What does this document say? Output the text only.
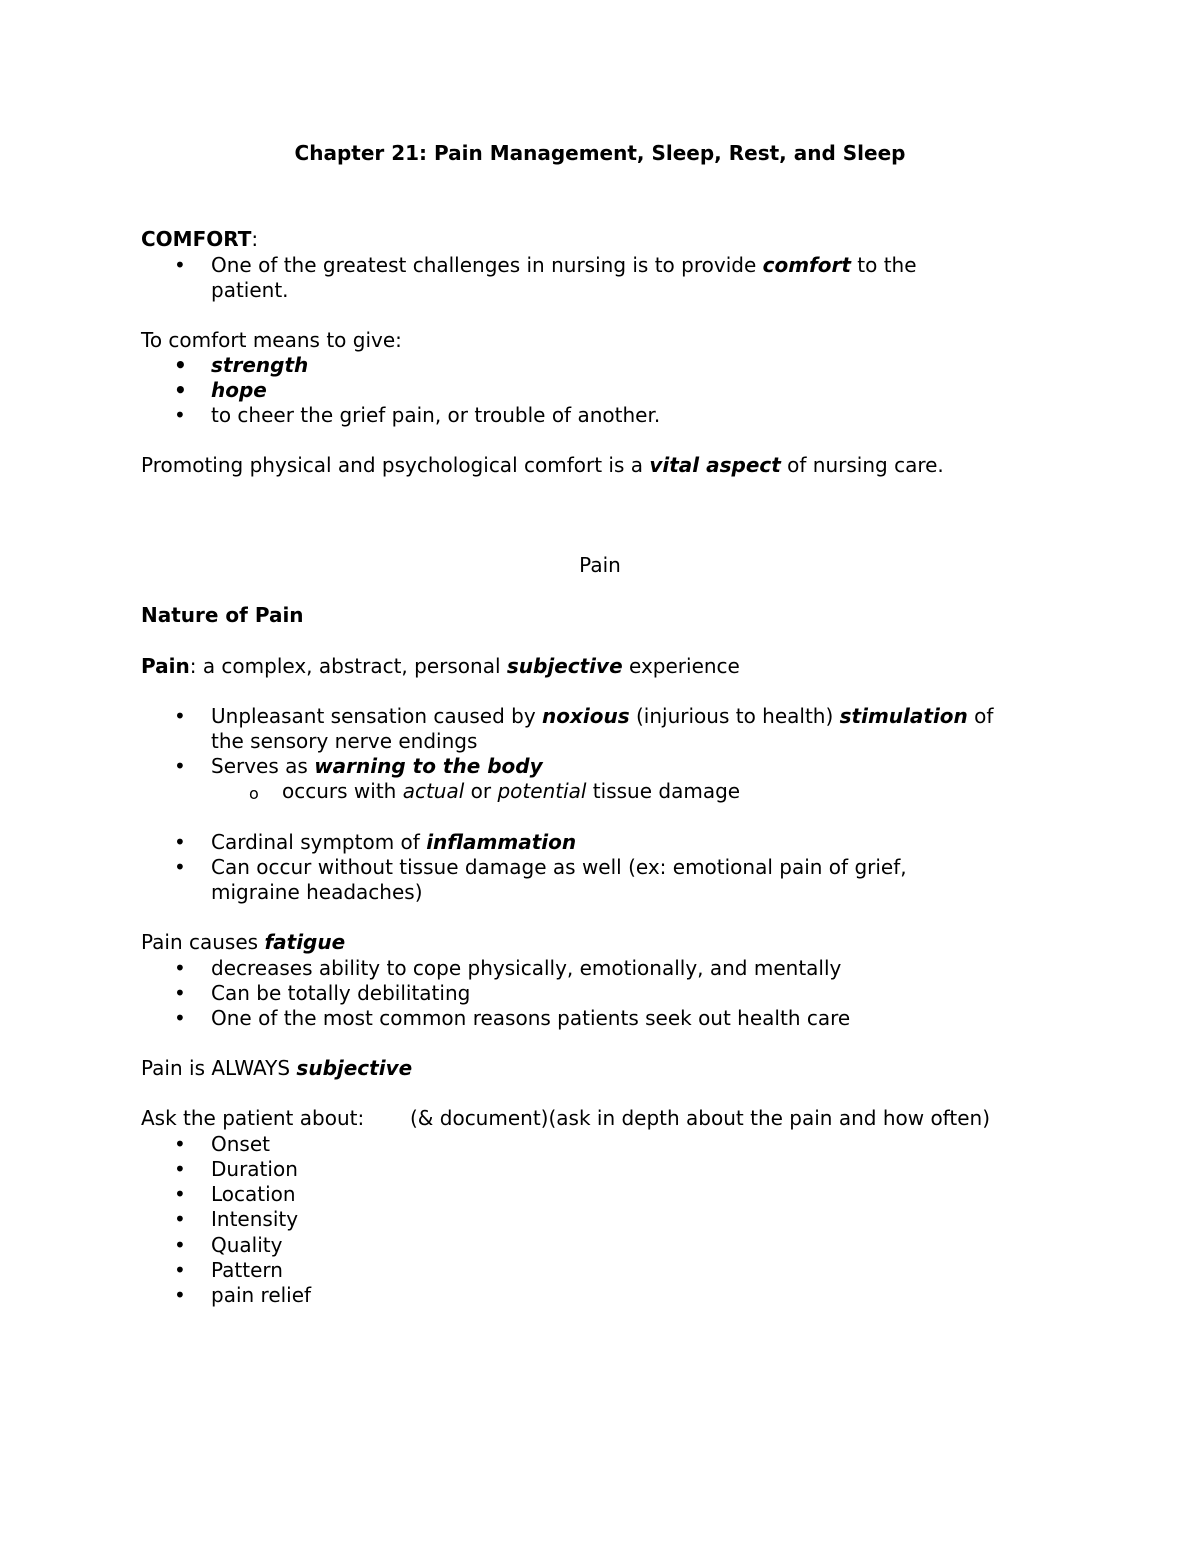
Chapter 21: Pain Management, Sleep, Rest, and Sleep
COMFORT:
• One of the greatest challenges in nursing is to provide comfort to the
patient.
To comfort means to give:
• strength
• hope
• to cheer the grief pain, or trouble of another.
Promoting physical and psychological comfort is a vital aspect of nursing care.
Pain
Nature of Pain
Pain: a complex, abstract, personal subjective experience
• Unpleasant sensation caused by noxious (injurious to health) stimulation of
the sensory nerve endings
• Serves as warning to the body
o occurs with actual or potential tissue damage
• Cardinal symptom of inflammation
• Can occur without tissue damage as well (ex: emotional pain of grief,
migraine headaches)
Pain causes fatigue
• decreases ability to cope physically, emotionally, and mentally
• Can be totally debilitating
• One of the most common reasons patients seek out health care
Pain is ALWAYS subjective
Ask the patient about: (& document)(ask in depth about the pain and how often)
• Onset
• Duration
• Location
• Intensity
• Quality
• Pattern
• pain relief
